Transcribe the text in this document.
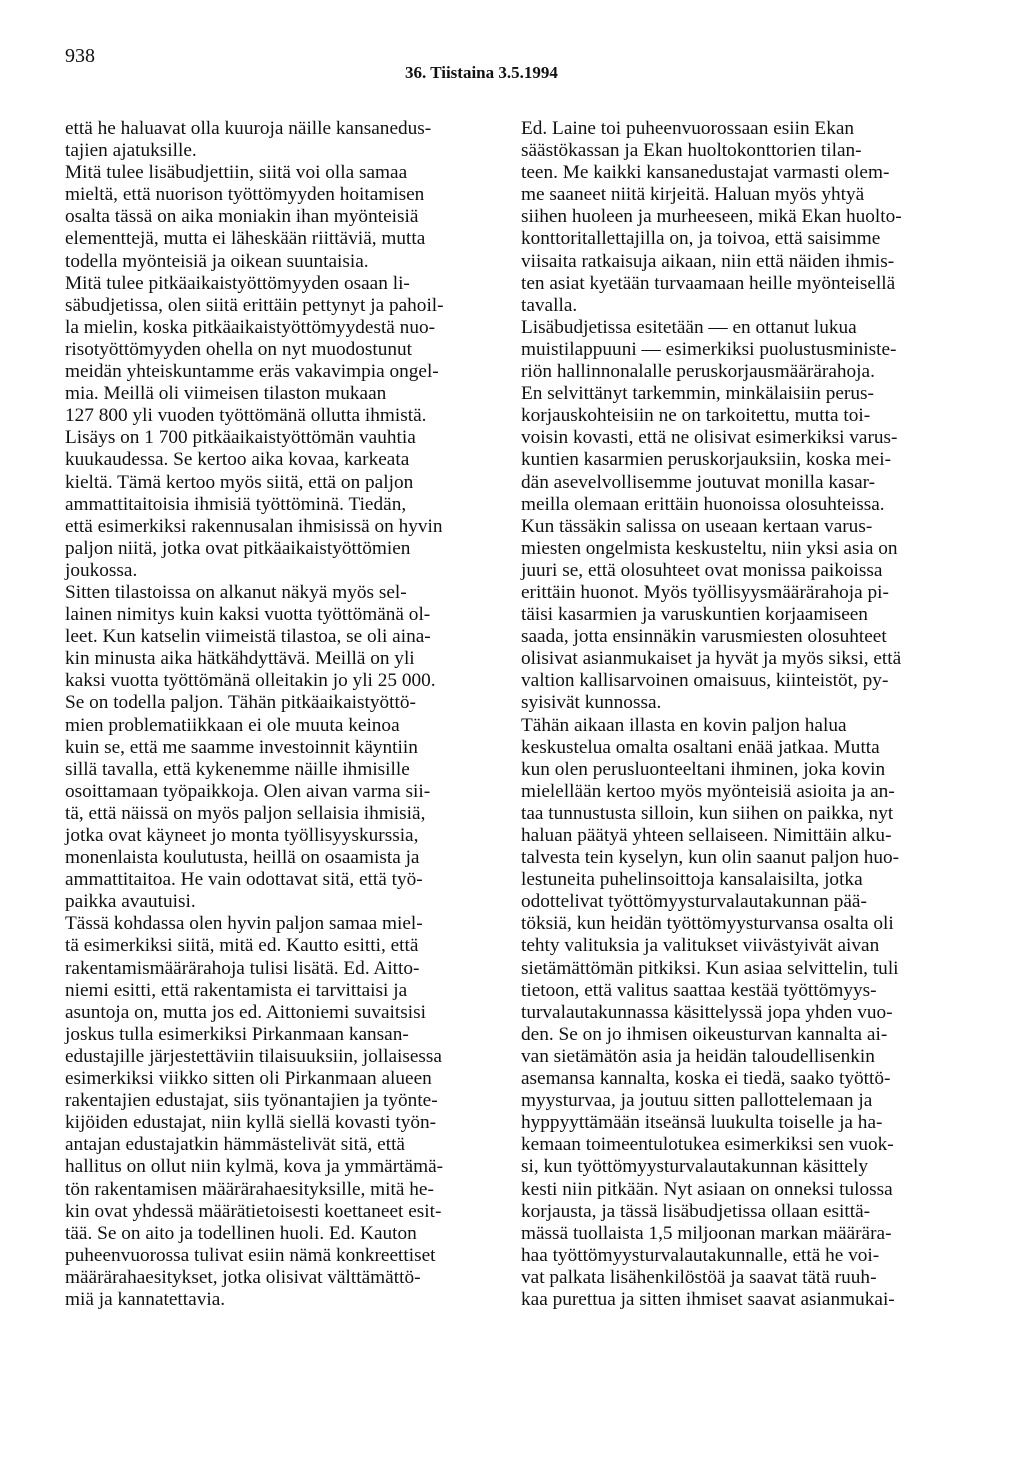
938
36. Tiistaina 3.5.1994
että he haluavat olla kuuroja näille kansanedus-
tajien ajatuksille.
Mitä tulee lisäbudjettiin, siitä voi olla samaa
mieltä, että nuorison työttömyyden hoitamisen
osalta tässä on aika moniakin ihan myönteisiä
elementtejä, mutta ei läheskään riittäviä, mutta
todella myönteisiä ja oikean suuntaisia.
Mitä tulee pitkäaikaistyöttömyyden osaan li-
säbudjetissa, olen siitä erittäin pettynyt ja pahoil-
la mielin, koska pitkäaikaistyöttömyydestä nuo-
risotyöttömyyden ohella on nyt muodostunut
meidän yhteiskuntamme eräs vakavimpia ongel-
mia. Meillä oli viimeisen tilaston mukaan
127 800 yli vuoden työttömänä ollutta ihmistä.
Lisäys on 1 700 pitkäaikaistyöttömän vauhtia
kuukaudessa. Se kertoo aika kovaa, karkeata
kieltä. Tämä kertoo myös siitä, että on paljon
ammattitaitoisia ihmisiä työttöminä. Tiedän,
että esimerkiksi rakennusalan ihmisissä on hyvin
paljon niitä, jotka ovat pitkäaikaistyöttömien
joukossa.
Sitten tilastoissa on alkanut näkyä myös sel-
lainen nimitys kuin kaksi vuotta työttömänä ol-
leet. Kun katselin viimeistä tilastoa, se oli aina-
kin minusta aika hätkähdyttävä. Meillä on yli
kaksi vuotta työttömänä olleitakin jo yli 25 000.
Se on todella paljon. Tähän pitkäaikaistyöttö-
mien problematiikkaan ei ole muuta keinoa
kuin se, että me saamme investoinnit käyntiin
sillä tavalla, että kykenemme näille ihmisille
osoittamaan työpaikkoja. Olen aivan varma sii-
tä, että näissä on myös paljon sellaisia ihmisiä,
jotka ovat käyneet jo monta työllisyyskurssia,
monenlaista koulutusta, heillä on osaamista ja
ammattitaitoa. He vain odottavat sitä, että työ-
paikka avautuisi.
Tässä kohdassa olen hyvin paljon samaa miel-
tä esimerkiksi siitä, mitä ed. Kautto esitti, että
rakentamismäärärahoja tulisi lisätä. Ed. Aitto-
niemi esitti, että rakentamista ei tarvittaisi ja
asuntoja on, mutta jos ed. Aittoniemi suvaitsisi
joskus tulla esimerkiksi Pirkanmaan kansan-
edustajille järjestettäviin tilaisuuksiin, jollaisessa
esimerkiksi viikko sitten oli Pirkanmaan alueen
rakentajien edustajat, siis työnantajien ja työnte-
kijöiden edustajat, niin kyllä siellä kovasti työn-
antajan edustajatkin hämmästelivät sitä, että
hallitus on ollut niin kylmä, kova ja ymmärtämä-
tön rakentamisen määrärahaesityksille, mitä he-
kin ovat yhdessä määrätietoisesti koettaneet esit-
tää. Se on aito ja todellinen huoli. Ed. Kauton
puheenvuorossa tulivat esiin nämä konkreettiset
määrärahaesitykset, jotka olisivat välttämättö-
miä ja kannatettavia.
Ed. Laine toi puheenvuorossaan esiin Ekan
säästökassan ja Ekan huoltokonttorien tilan-
teen. Me kaikki kansanedustajat varmasti olem-
me saaneet niitä kirjeitä. Haluan myös yhtyä
siihen huoleen ja murheeseen, mikä Ekan huolto-
konttoritallettajilla on, ja toivoa, että saisimme
viisaita ratkaisuja aikaan, niin että näiden ihmis-
ten asiat kyetään turvaamaan heille myönteisellä
tavalla.
Lisäbudjetissa esitetään — en ottanut lukua
muistilappuuni — esimerkiksi puolustusministe-
riön hallinnonalalle peruskorjausmäärärahoja.
En selvittänyt tarkemmin, minkälaisiin perus-
korjauskohteisiin ne on tarkoitettu, mutta toi-
voisin kovasti, että ne olisivat esimerkiksi varus-
kuntien kasarmien peruskorjauksiin, koska mei-
dän asevelvollisemme joutuvat monilla kasar-
meilla olemaan erittäin huonoissa olosuhteissa.
Kun tässäkin salissa on useaan kertaan varus-
miesten ongelmista keskusteltu, niin yksi asia on
juuri se, että olosuhteet ovat monissa paikoissa
erittäin huonot. Myös työllisyysmäärärahoja pi-
täisi kasarmien ja varuskuntien korjaamiseen
saada, jotta ensinnäkin varusmiesten olosuhteet
olisivat asianmukaiset ja hyvät ja myös siksi, että
valtion kallisarvoinen omaisuus, kiinteistöt, py-
syisivät kunnossa.
Tähän aikaan illasta en kovin paljon halua
keskustelua omalta osaltani enää jatkaa. Mutta
kun olen perusluonteeltani ihminen, joka kovin
mielellään kertoo myös myönteisiä asioita ja an-
taa tunnustusta silloin, kun siihen on paikka, nyt
haluan päätyä yhteen sellaiseen. Nimittäin alku-
talvesta tein kyselyn, kun olin saanut paljon huo-
lestuneita puhelinsoittoja kansalaisilta, jotka
odottelivat työttömyysturvalautakunnan pää-
töksiä, kun heidän työttömyysturvansa osalta oli
tehty valituksia ja valitukset viivästyivät aivan
sietämättömän pitkiksi. Kun asiaa selvittelin, tuli
tietoon, että valitus saattaa kestää työttömyys-
turvalautakunnassa käsittelyssä jopa yhden vuo-
den. Se on jo ihmisen oikeusturvan kannalta ai-
van sietämätön asia ja heidän taloudellisenkin
asemansa kannalta, koska ei tiedä, saako työttö-
myysturvaa, ja joutuu sitten pallottelemaan ja
hyppyyttämään itseänsä luukulta toiselle ja ha-
kemaan toimeentulotukea esimerkiksi sen vuok-
si, kun työttömyysturvalautakunnan käsittely
kesti niin pitkään. Nyt asiaan on onneksi tulossa
korjausta, ja tässä lisäbudjetissa ollaan esittä-
mässä tuollaista 1,5 miljoonan markan määrära-
haa työttömyysturvalautakunnalle, että he voi-
vat palkata lisähenkilöstöä ja saavat tätä ruuh-
kaa purettua ja sitten ihmiset saavat asianmukai-
